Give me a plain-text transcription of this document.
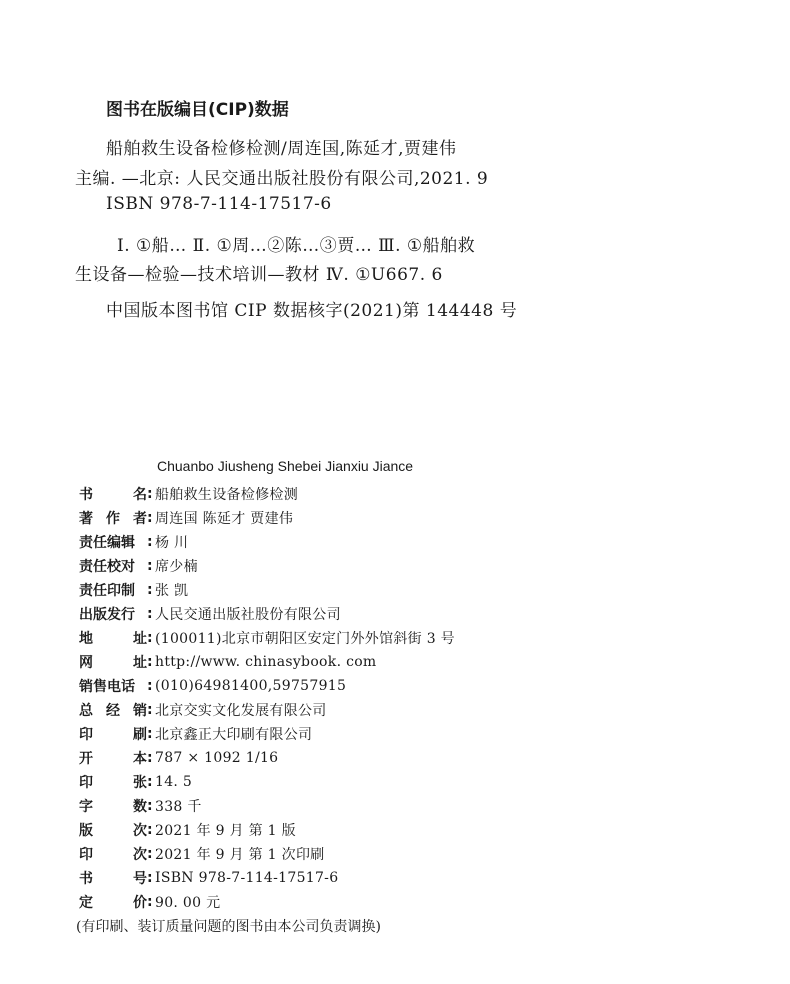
图书在版编目(CIP)数据
船舶救生设备检修检测/周连国,陈延才,贾建伟
主编. —北京: 人民交通出版社股份有限公司,2021. 9
ISBN 978-7-114-17517-6
Ⅰ. ①船… Ⅱ. ①周…②陈…③贾… Ⅲ. ①船舶救
生设备—检验—技术培训—教材 Ⅳ. ①U667. 6
中国版本图书馆 CIP 数据核字(2021)第 144448 号
Chuanbo Jiusheng Shebei Jianxiu Jiance
书	名 : 船舶救生设备检修检测
著 作 者 : 周连国 陈延才 贾建伟
责任编辑 : 杨 川
责任校对 : 席少楠
责任印制 : 张 凯
出版发行 : 人民交通出版社股份有限公司
地	址 : (100011)北京市朝阳区安定门外外馆斜街 3 号
网	址 : http://www. chinasybook. com
销售电话 : (010)64981400,59757915
总 经 销 : 北京交实文化发展有限公司
印	刷 : 北京鑫正大印刷有限公司
开	本 : 787 × 1092 1/16
印	张 : 14. 5
字	数 : 338 千
版	次 : 2021 年 9 月 第 1 版
印	次 : 2021 年 9 月 第 1 次印刷
书	号 : ISBN 978-7-114-17517-6
定	价 : 90. 00 元
(有印刷、装订质量问题的图书由本公司负责调换)
